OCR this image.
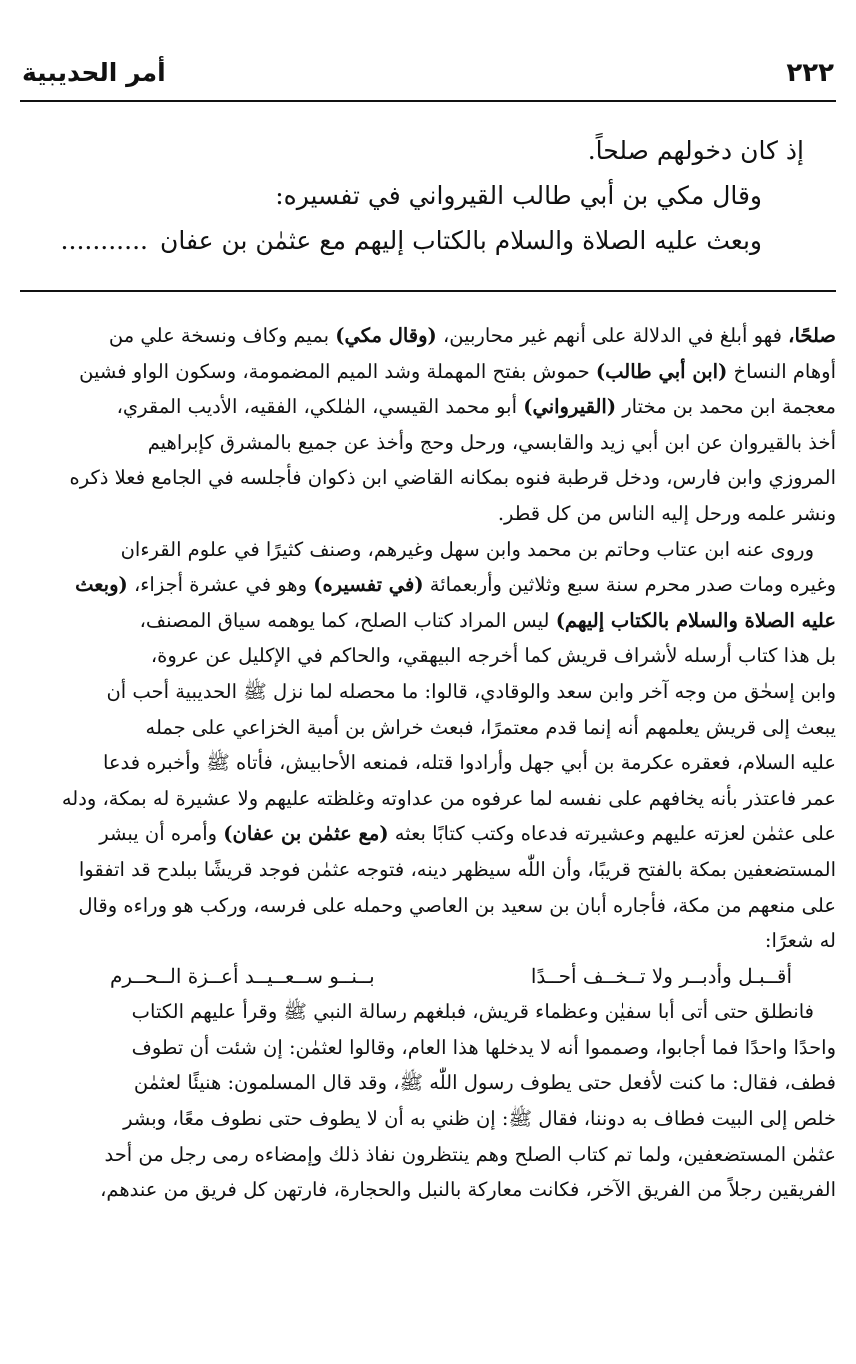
٢٢٢
أمر الحديبية
إذ كان دخولهم صلحاً.
وقال مكي بن أبي طالب القيرواني في تفسيره:
وبعث عليه الصلاة والسلام بالكتاب إليهم مع عثمٰن بن عفان...........
صلحًا، فهو أبلغ في الدلالة على أنهم غير محاربين، (وقال مكي) بميم وكاف ونسخة علي من
أوهام النساخ (ابن أبي طالب) حموش بفتح المهملة وشد الميم المضمومة، وسكون الواو فشين
معجمة ابن محمد بن مختار (القيرواني) أبو محمد القيسي، المٰلكي، الفقيه، الأديب المقري،
أخذ بالقيروان عن ابن أبي زيد والقابسي، ورحل وحج وأخذ عن جميع بالمشرق كإبراهيم
المروزي وابن فارس، ودخل قرطبة فنوه بمكانه القاضي ابن ذكوان فأجلسه في الجامع فعلا ذكره
ونشر علمه ورحل إليه الناس من كل قطر.
وروى عنه ابن عتاب وحاتم بن محمد وابن سهل وغيرهم، وصنف كثيرًا في علوم القرءان
وغيره ومات صدر محرم سنة سبع وثلاثين وأربعمائة (في تفسيره) وهو في عشرة أجزاء، (وبعث
عليه الصلاة والسلام بالكتاب إليهم) ليس المراد كتاب الصلح، كما يوهمه سياق المصنف،
بل هذا كتاب أرسله لأشراف قريش كما أخرجه البيهقي، والحاكم في الإكليل عن عروة،
وابن إسحٰق من وجه آخر وابن سعد والوقادي، قالوا: ما محصله لما نزل ﷺ الحديبية أحب أن
يبعث إلى قريش يعلمهم أنه إنما قدم معتمرًا، فبعث خراش بن أمية الخزاعي على جمله
عليه السلام، فعقره عكرمة بن أبي جهل وأرادوا قتله، فمنعه الأحابيش، فأتاه ﷺ وأخبره فدعا
عمر فاعتذر بأنه يخافهم على نفسه لما عرفوه من عداوته وغلظته عليهم ولا عشيرة له بمكة، ودله
على عثمٰن لعزته عليهم وعشيرته فدعاه وكتب كتابًا بعثه (مع عثمٰن بن عفان) وأمره أن يبشر
المستضعفين بمكة بالفتح قريبًا، وأن اللّٰه سيظهر دينه، فتوجه عثمٰن فوجد قريشًا ببلدح قد اتفقوا
على منعهم من مكة، فأجاره أبان بن سعيد بن العاصي وحمله على فرسه، وركب هو وراءه وقال
له شعرًا:
أقــبـل وأدبــر ولا تــخــف أحــدًا
بــنــو ســعــيــد أعــزة الــحــرم
فانطلق حتى أتى أبا سفيٰن وعظماء قريش، فبلغهم رسالة النبي ﷺ وقرأ عليهم الكتاب
واحدًا واحدًا فما أجابوا، وصمموا أنه لا يدخلها هذا العام، وقالوا لعثمٰن: إن شئت أن تطوف
فطف، فقال: ما كنت لأفعل حتى يطوف رسول اللّٰه ﷺ، وقد قال المسلمون: هنيئًا لعثمٰن
خلص إلى البيت فطاف به دوننا، فقال ﷺ: إن ظني به أن لا يطوف حتى نطوف معًا، وبشر
عثمٰن المستضعفين، ولما تم كتاب الصلح وهم ينتظرون نفاذ ذلك وإمضاءه رمى رجل من أحد
الفريقين رجلاً من الفريق الآخر، فكانت معاركة بالنبل والحجارة، فارتهن كل فريق من عندهم،
